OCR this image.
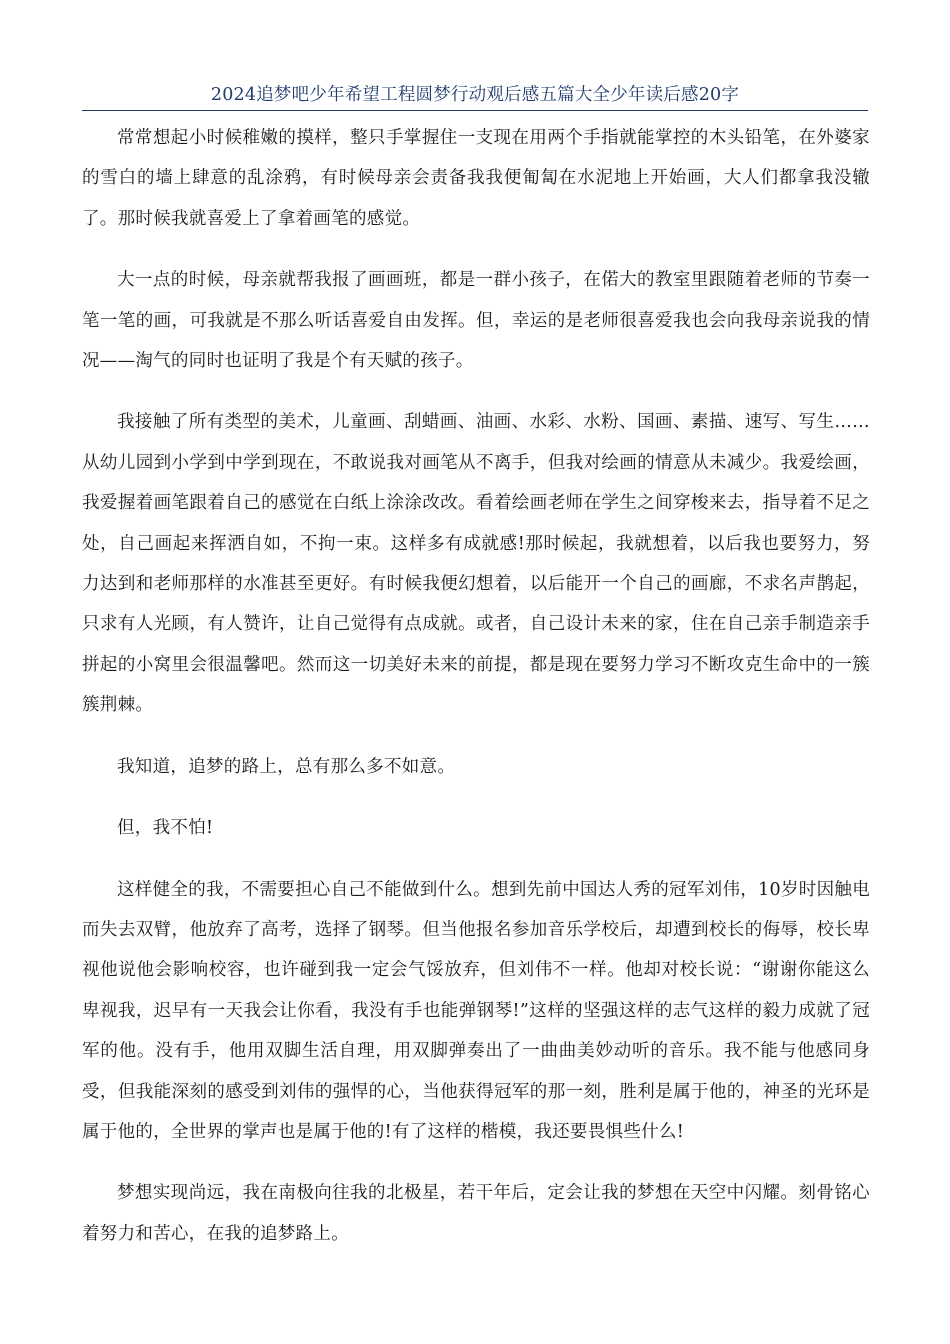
2024追梦吧少年希望工程圆梦行动观后感五篇大全少年读后感20字

常常想起小时候稚嫩的摸样，整只手掌握住一支现在用两个手指就能掌控的木头铅笔，在外婆家的雪白的墙上肆意的乱涂鸦，有时候母亲会责备我我便匍匐在水泥地上开始画，大人们都拿我没辙了。那时候我就喜爱上了拿着画笔的感觉。

大一点的时候，母亲就帮我报了画画班，都是一群小孩子，在偌大的教室里跟随着老师的节奏一笔一笔的画，可我就是不那么听话喜爱自由发挥。但，幸运的是老师很喜爱我也会向我母亲说我的情况——淘气的同时也证明了我是个有天赋的孩子。

我接触了所有类型的美术，儿童画、刮蜡画、油画、水彩、水粉、国画、素描、速写、写生……从幼儿园到小学到中学到现在，不敢说我对画笔从不离手，但我对绘画的情意从未减少。我爱绘画，我爱握着画笔跟着自己的感觉在白纸上涂涂改改。看着绘画老师在学生之间穿梭来去，指导着不足之处，自己画起来挥洒自如，不拘一束。这样多有成就感!那时候起，我就想着，以后我也要努力，努力达到和老师那样的水准甚至更好。有时候我便幻想着，以后能开一个自己的画廊，不求名声鹊起，只求有人光顾，有人赞许，让自己觉得有点成就。或者，自己设计未来的家，住在自己亲手制造亲手拼起的小窝里会很温馨吧。然而这一切美好未来的前提，都是现在要努力学习不断攻克生命中的一簇簇荆棘。

我知道，追梦的路上，总有那么多不如意。

但，我不怕!

这样健全的我，不需要担心自己不能做到什么。想到先前中国达人秀的冠军刘伟，10岁时因触电而失去双臂，他放弃了高考，选择了钢琴。但当他报名参加音乐学校后，却遭到校长的侮辱，校长卑视他说他会影响校容，也许碰到我一定会气馁放弃，但刘伟不一样。他却对校长说：“谢谢你能这么卑视我，迟早有一天我会让你看，我没有手也能弹钢琴!”这样的坚强这样的志气这样的毅力成就了冠军的他。没有手，他用双脚生活自理，用双脚弹奏出了一曲曲美妙动听的音乐。我不能与他感同身受，但我能深刻的感受到刘伟的强悍的心，当他获得冠军的那一刻，胜利是属于他的，神圣的光环是属于他的，全世界的掌声也是属于他的!有了这样的楷模，我还要畏惧些什么!

梦想实现尚远，我在南极向往我的北极星，若干年后，定会让我的梦想在天空中闪耀。刻骨铭心着努力和苦心，在我的追梦路上。
